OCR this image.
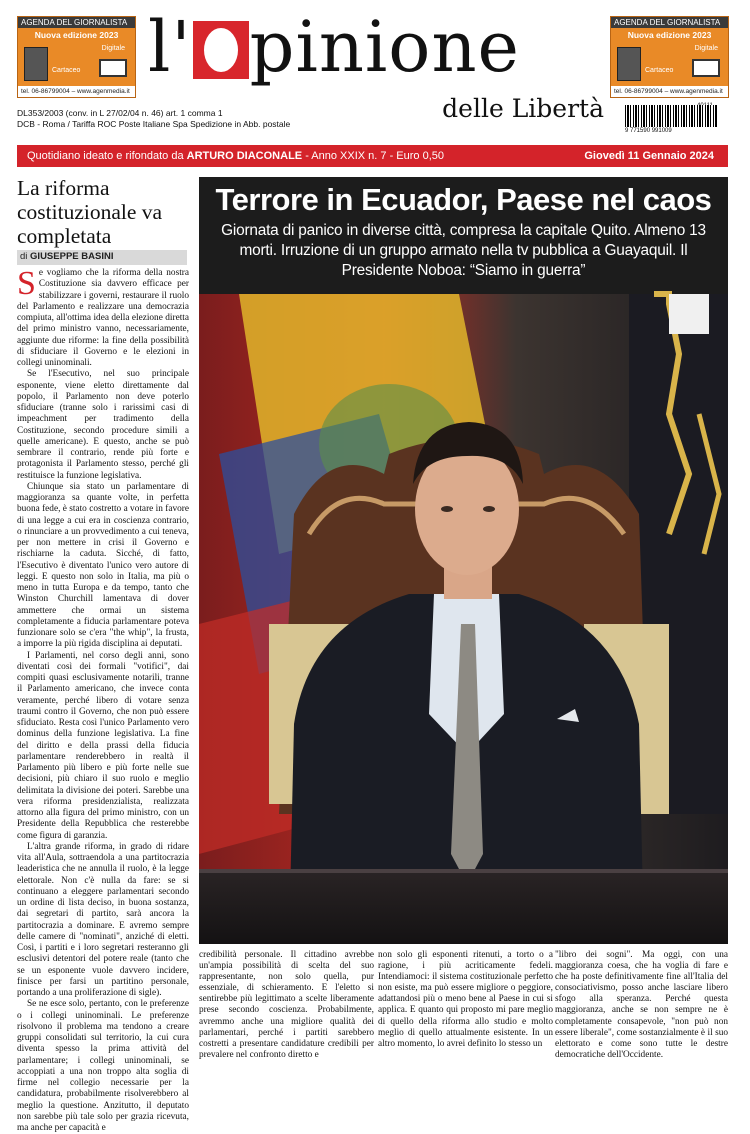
AGENDA DEL GIORNALISTA
Nuova edizione 2023
Digitale
Cartaceo
tel. 06-86799004 – www.agenmedia.it
AGENDA DEL GIORNALISTA
Nuova edizione 2023
Digitale
Cartaceo
tel. 06-86799004 – www.agenmedia.it
l' pinione
delle Libertà
DL353/2003 (conv. in L 27/02/04 n. 46) art. 1 comma 1
DCB - Roma / Tariffa ROC Poste Italiane Spa Spedizione in Abb. postale
9 771590 991009
Quotidiano ideato e rifondato da ARTURO DIACONALE - Anno XXIX n. 7 - Euro 0,50	Giovedì 11 Gennaio 2024
La riforma costituzionale va completata
di GIUSEPPE BASINI

Se vogliamo che la riforma della nostra Costituzione sia davvero efficace per stabilizzare i governi, restaurare il ruolo del Parlamento e realizzare una democrazia compiuta, all'ottima idea della elezione diretta del primo ministro vanno, necessariamente, aggiunte due riforme: la fine della possibilità di sfiduciare il Governo e le elezioni in collegi uninominali.

Se l'Esecutivo, nel suo principale esponente, viene eletto direttamente dal popolo, il Parlamento non deve poterlo sfiduciare (tranne solo i rarissimi casi di impeachment per tradimento della Costituzione, secondo procedure simili a quelle americane). E questo, anche se può sembrare il contrario, rende più forte e protagonista il Parlamento stesso, perché gli restituisce la funzione legislativa.

Chiunque sia stato un parlamentare di maggioranza sa quante volte, in perfetta buona fede, è stato costretto a votare in favore di una legge a cui era in coscienza contrario, o rinunciare a un provvedimento a cui teneva, per non mettere in crisi il Governo e rischiarne la caduta. Sicché, di fatto, l'Esecutivo è diventato l'unico vero autore di leggi. E questo non solo in Italia, ma più o meno in tutta Europa e da tempo, tanto che Winston Churchill lamentava di dover ammettere che ormai un sistema completamente a fiducia parlamentare poteva funzionare solo se c'era "the whip", la frusta, a imporre la più rigida disciplina ai deputati.

I Parlamenti, nel corso degli anni, sono diventati così dei formali "votifici", dai compiti quasi esclusivamente notarili, tranne il Parlamento americano, che invece conta veramente, perché libero di votare senza traumi contro il Governo, che non può essere sfiduciato. Resta così l'unico Parlamento vero dominus della funzione legislativa. La fine del diritto e della prassi della fiducia parlamentare renderebbero in realtà il Parlamento più libero e più forte nelle sue decisioni, più chiaro il suo ruolo e meglio delimitata la divisione dei poteri. Sarebbe una vera riforma presidenzialista, realizzata attorno alla figura del primo ministro, con un Presidente della Repubblica che resterebbe come figura di garanzia.

L'altra grande riforma, in grado di ridare vita all'Aula, sottraendola a una partitocrazia leaderistica che ne annulla il ruolo, è la legge elettorale. Non c'è nulla da fare: se si continuano a eleggere parlamentari secondo un ordine di lista deciso, in buona sostanza, dai segretari di partito, sarà ancora la partitocrazia a dominare. E avremo sempre delle camere di "nominati", anziché di eletti. Così, i partiti e i loro segretari resteranno gli esclusivi detentori del potere reale (tanto che se un esponente vuole davvero incidere, finisce per farsi un partitino personale, portando a una proliferazione di sigle).

Se ne esce solo, pertanto, con le preferenze o i collegi uninominali. Le preferenze risolvono il problema ma tendono a creare gruppi consolidati sul territorio, la cui cura diventa spesso la prima attività del parlamentare; i collegi uninominali, se accoppiati a una non troppo alta soglia di firme nel collegio necessarie per la candidatura, probabilmente risolverebbero al meglio la questione. Anzitutto, il deputato non sarebbe più tale solo per grazia ricevuta, ma anche per capacità e

Terrore in Ecuador, Paese nel caos
Giornata di panico in diverse città, compresa la capitale Quito. Almeno 13 morti. Irruzione di un gruppo armato nella tv pubblica a Guayaquil. Il Presidente Noboa: “Siamo in guerra”

credibilità personale. Il cittadino avrebbe un'ampia possibilità di scelta del suo rappresentante, non solo quella, pur essenziale, di schieramento. E l'eletto si sentirebbe più legittimato a scelte liberamente prese secondo coscienza. Probabilmente, avremmo anche una migliore qualità dei parlamentari, perché i partiti sarebbero costretti a presentare candidature credibili per prevalere nel confronto diretto e

non solo gli esponenti ritenuti, a torto o a ragione, i più acriticamente fedeli. Intendiamoci: il sistema costituzionale perfetto non esiste, ma può essere migliore o peggiore, adattandosi più o meno bene al Paese in cui si applica. E quanto qui proposto mi pare meglio di quello della riforma allo studio e molto meglio di quello attualmente esistente. In un altro momento, lo avrei definito lo stesso un

"libro dei sogni". Ma oggi, con una maggioranza coesa, che ha voglia di fare e che ha poste definitivamente fine all'Italia del consociativismo, posso anche lasciare libero sfogo alla speranza. Perché questa maggioranza, anche se non sempre ne è completamente consapevole, "non può non essere liberale", come sostanzialmente è il suo elettorato e come sono tutte le destre democratiche dell'Occidente.
